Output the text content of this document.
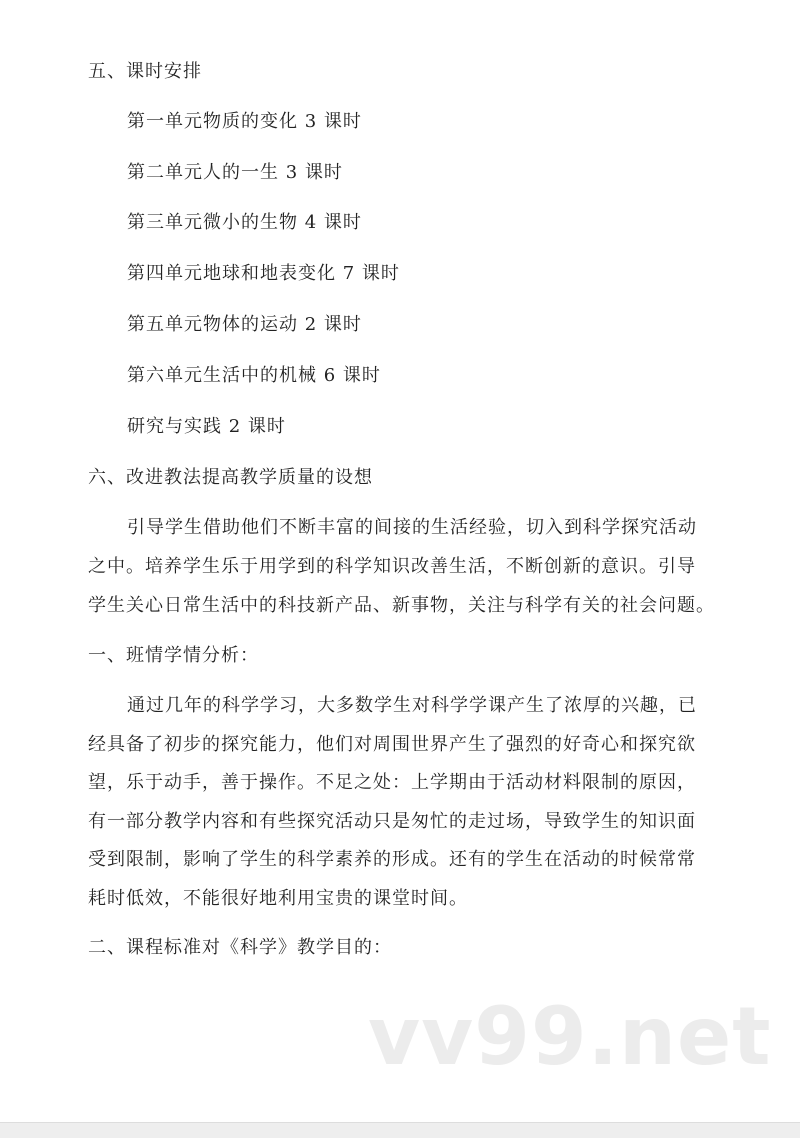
五、课时安排
第一单元物质的变化 3 课时
第二单元人的一生 3 课时
第三单元微小的生物 4 课时
第四单元地球和地表变化 7 课时
第五单元物体的运动 2 课时
第六单元生活中的机械 6 课时
研究与实践 2 课时
六、改进教法提高教学质量的设想
引导学生借助他们不断丰富的间接的生活经验，切入到科学探究活动
之中。培养学生乐于用学到的科学知识改善生活，不断创新的意识。引导
学生关心日常生活中的科技新产品、新事物，关注与科学有关的社会问题。
一、班情学情分析：
通过几年的科学学习，大多数学生对科学学课产生了浓厚的兴趣，已
经具备了初步的探究能力，他们对周围世界产生了强烈的好奇心和探究欲
望，乐于动手，善于操作。不足之处：上学期由于活动材料限制的原因，
有一部分教学内容和有些探究活动只是匆忙的走过场，导致学生的知识面
受到限制，影响了学生的科学素养的形成。还有的学生在活动的时候常常
耗时低效，不能很好地利用宝贵的课堂时间。
二、课程标准对《科学》教学目的：
vv99.net
